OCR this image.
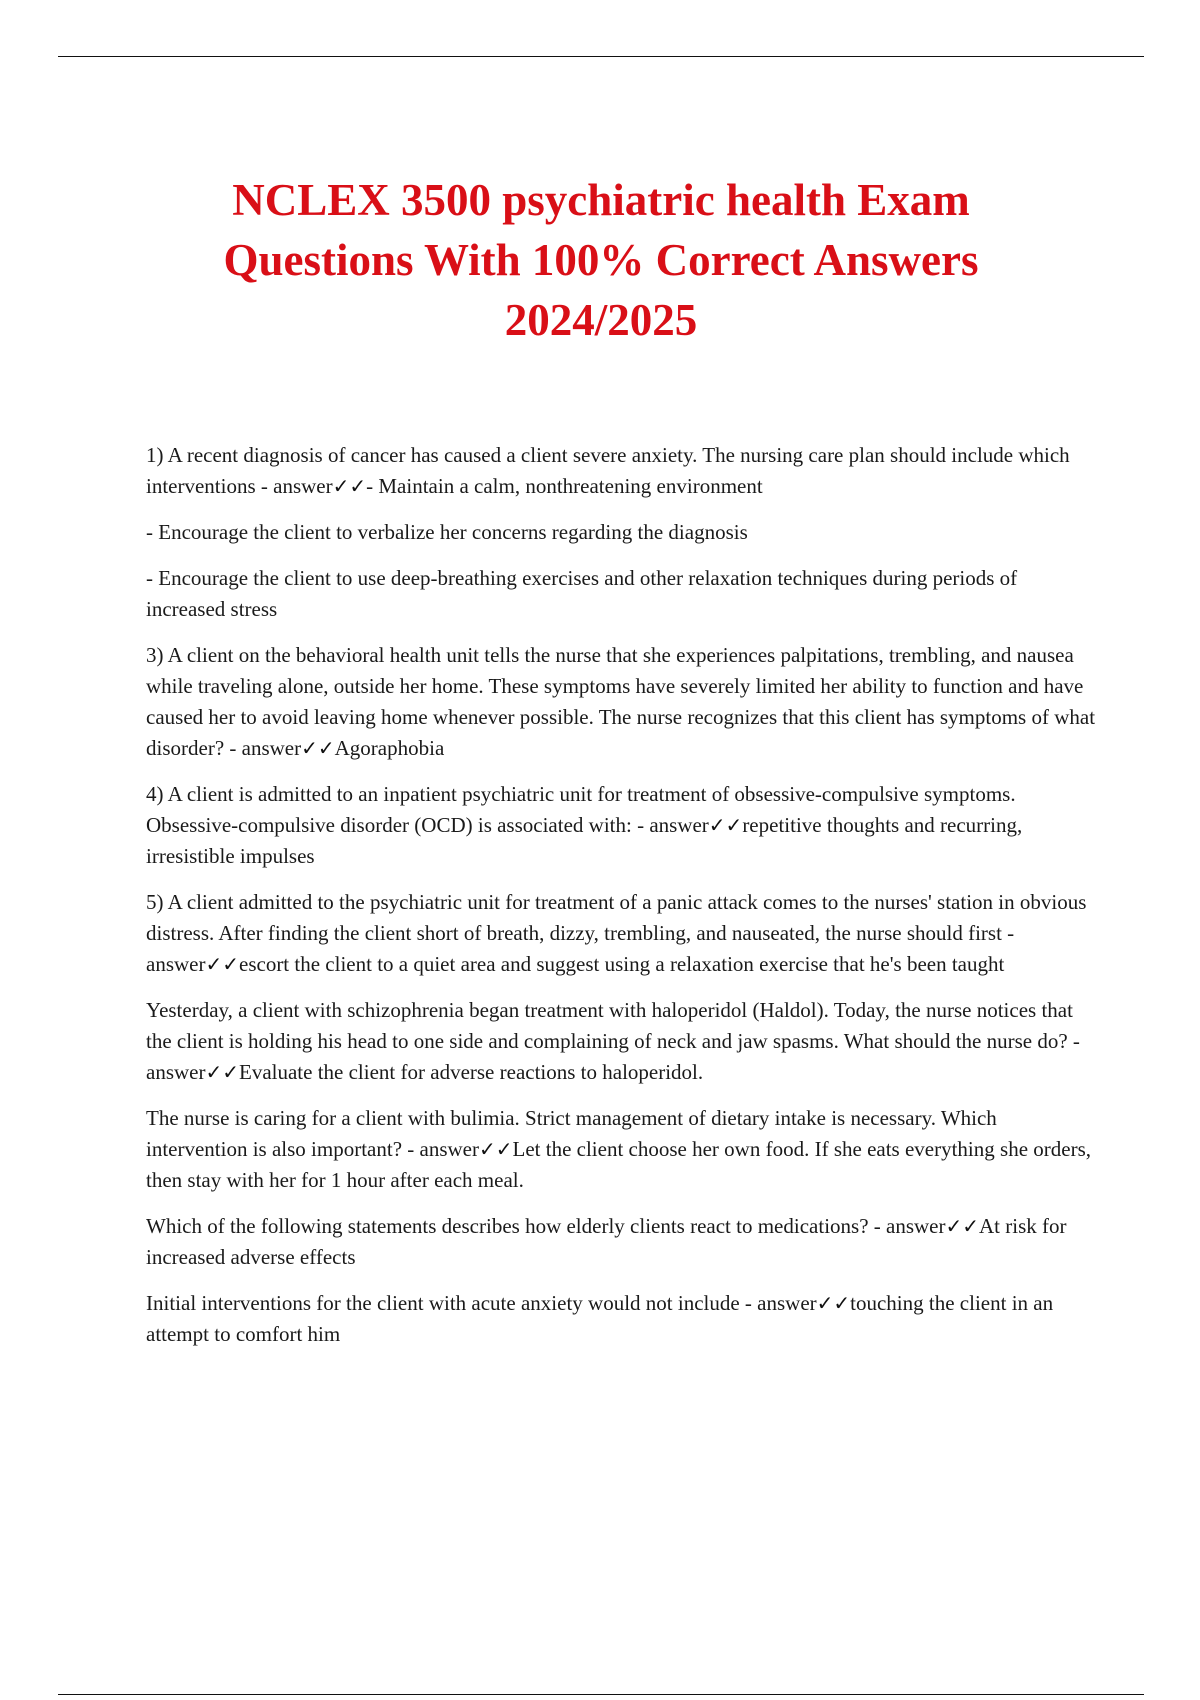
NCLEX 3500 psychiatric health Exam
Questions With 100% Correct Answers
2024/2025

1) A recent diagnosis of cancer has caused a client severe anxiety. The nursing care plan should include which interventions - answer✓✓- Maintain a calm, nonthreatening environment

- Encourage the client to verbalize her concerns regarding the diagnosis

- Encourage the client to use deep-breathing exercises and other relaxation techniques during periods of increased stress

3) A client on the behavioral health unit tells the nurse that she experiences palpitations, trembling, and nausea while traveling alone, outside her home. These symptoms have severely limited her ability to function and have caused her to avoid leaving home whenever possible. The nurse recognizes that this client has symptoms of what disorder? - answer✓✓Agoraphobia

4) A client is admitted to an inpatient psychiatric unit for treatment of obsessive-compulsive symptoms. Obsessive-compulsive disorder (OCD) is associated with: - answer✓✓repetitive thoughts and recurring, irresistible impulses

5) A client admitted to the psychiatric unit for treatment of a panic attack comes to the nurses' station in obvious distress. After finding the client short of breath, dizzy, trembling, and nauseated, the nurse should first - answer✓✓escort the client to a quiet area and suggest using a relaxation exercise that he's been taught

Yesterday, a client with schizophrenia began treatment with haloperidol (Haldol). Today, the nurse notices that the client is holding his head to one side and complaining of neck and jaw spasms. What should the nurse do? - answer✓✓Evaluate the client for adverse reactions to haloperidol.

The nurse is caring for a client with bulimia. Strict management of dietary intake is necessary. Which intervention is also important? - answer✓✓Let the client choose her own food. If she eats everything she orders, then stay with her for 1 hour after each meal.

Which of the following statements describes how elderly clients react to medications? - answer✓✓At risk for increased adverse effects

Initial interventions for the client with acute anxiety would not include - answer✓✓touching the client in an attempt to comfort him
